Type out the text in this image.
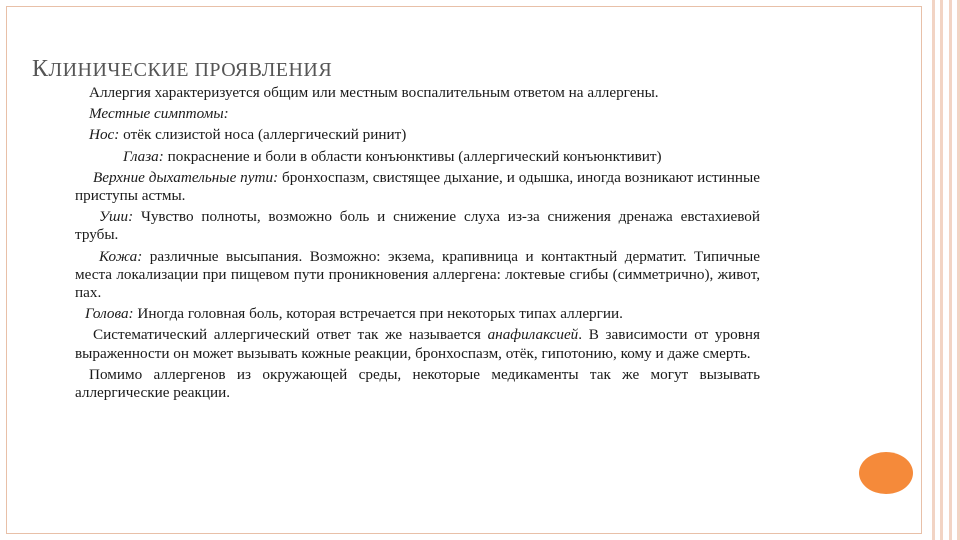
КЛИНИЧЕСКИЕ ПРОЯВЛЕНИЯ

Аллергия характеризуется общим или местным воспалительным ответом на аллергены.

Местные симптомы:

Нос: отёк слизистой носа (аллергический ринит)

Глаза: покраснение и боли в области конъюнктивы (аллергический конъюнктивит)

Верхние дыхательные пути: бронхоспазм, свистящее дыхание, и одышка, иногда возникают истинные приступы астмы.

Уши: Чувство полноты, возможно боль и снижение слуха из-за снижения дренажа евстахиевой трубы.

Кожа: различные высыпания. Возможно: экзема, крапивница и контактный дерматит. Типичные места локализации при пищевом пути проникновения аллергена: локтевые сгибы (симметрично), живот, пах.

Голова: Иногда головная боль, которая встречается при некоторых типах аллергии.

Систематический аллергический ответ так же называется анафилаксией. В зависимости от уровня выраженности он может вызывать кожные реакции, бронхоспазм, отёк, гипотонию, кому и даже смерть.

Помимо аллергенов из окружающей среды, некоторые медикаменты так же могут вызывать аллергические реакции.
